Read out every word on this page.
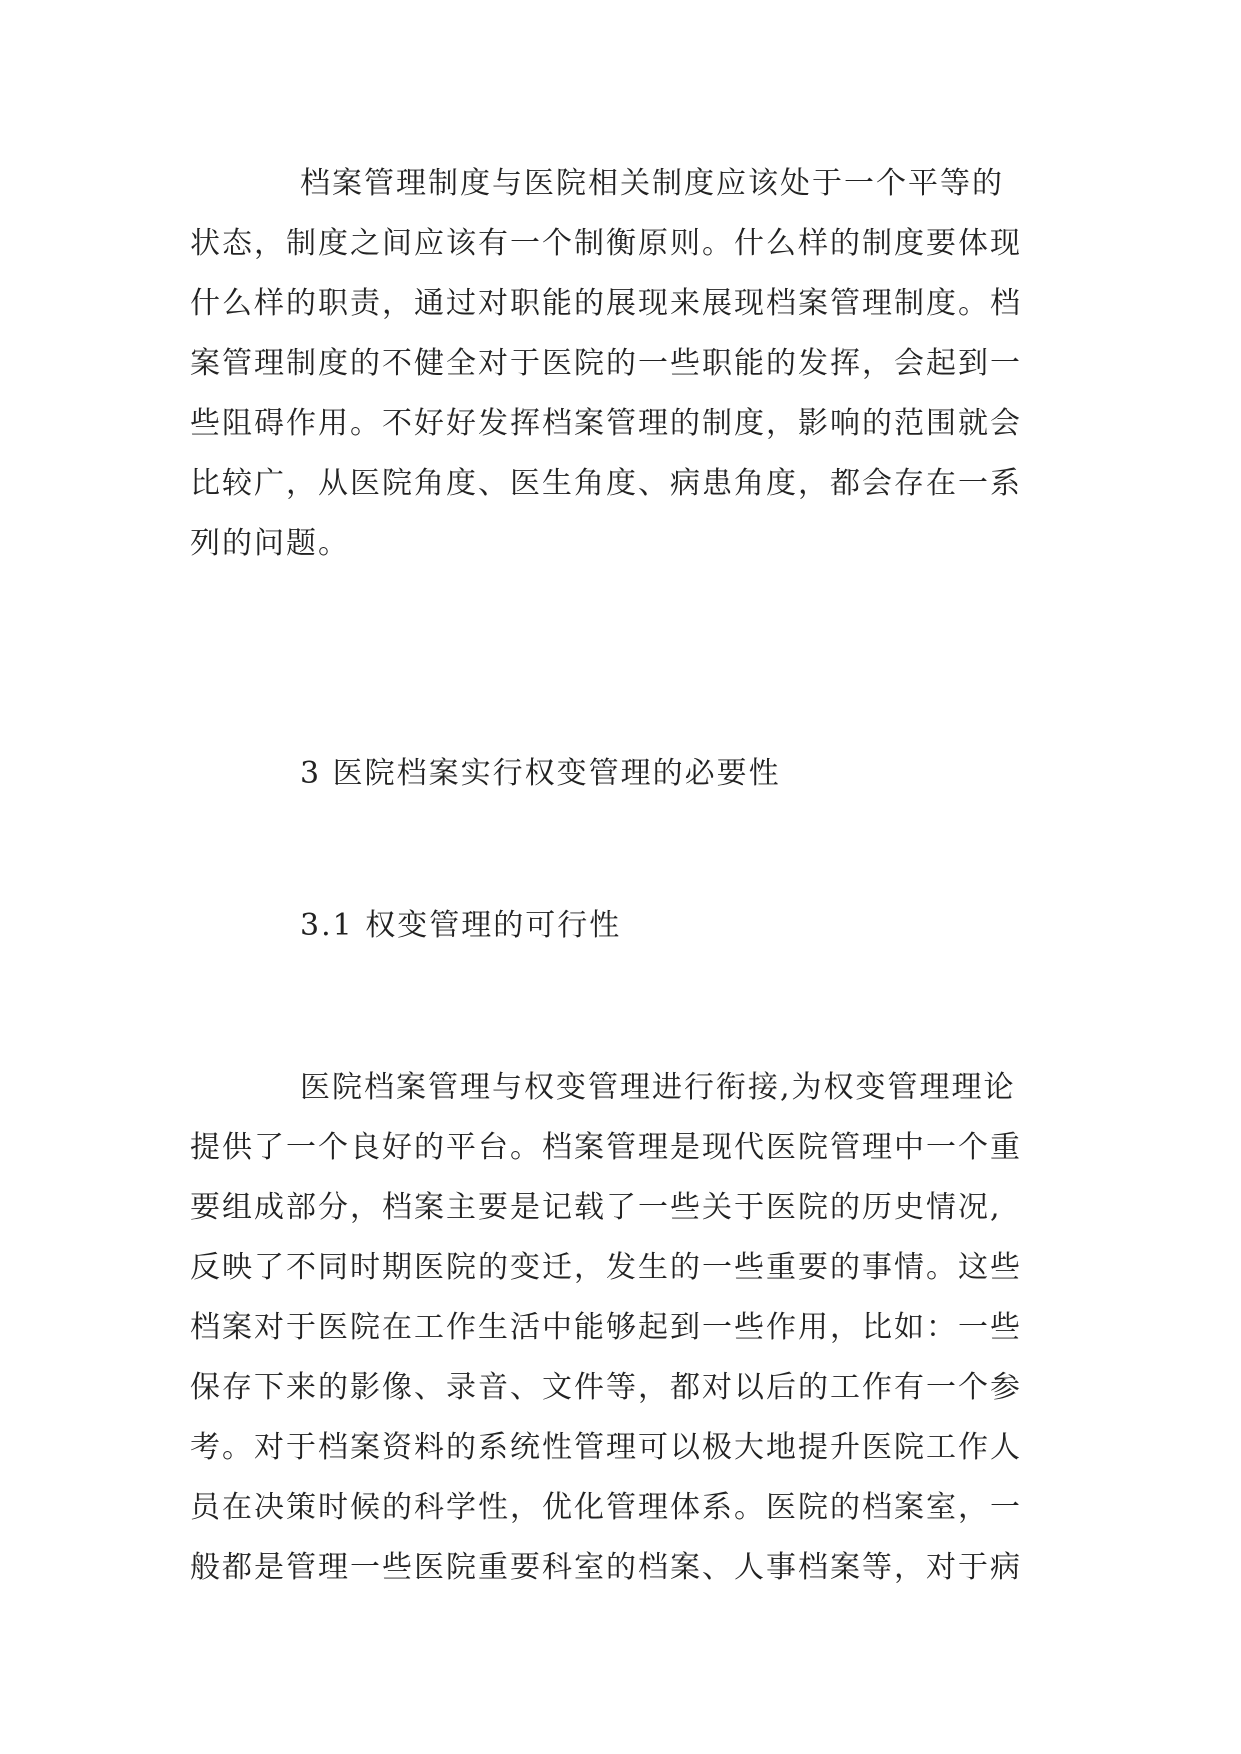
档案管理制度与医院相关制度应该处于一个平等的
状态，制度之间应该有一个制衡原则。什么样的制度要体现
什么样的职责，通过对职能的展现来展现档案管理制度。档
案管理制度的不健全对于医院的一些职能的发挥，会起到一
些阻碍作用。不好好发挥档案管理的制度，影响的范围就会
比较广，从医院角度、医生角度、病患角度，都会存在一系
列的问题。
3 医院档案实行权变管理的必要性
3.1 权变管理的可行性
医院档案管理与权变管理进行衔接,为权变管理理论
提供了一个良好的平台。档案管理是现代医院管理中一个重
要组成部分，档案主要是记载了一些关于医院的历史情况,
反映了不同时期医院的变迁，发生的一些重要的事情。这些
档案对于医院在工作生活中能够起到一些作用，比如：一些
保存下来的影像、录音、文件等，都对以后的工作有一个参
考。对于档案资料的系统性管理可以极大地提升医院工作人
员在决策时候的科学性，优化管理体系。医院的档案室，一
般都是管理一些医院重要科室的档案、人事档案等，对于病
